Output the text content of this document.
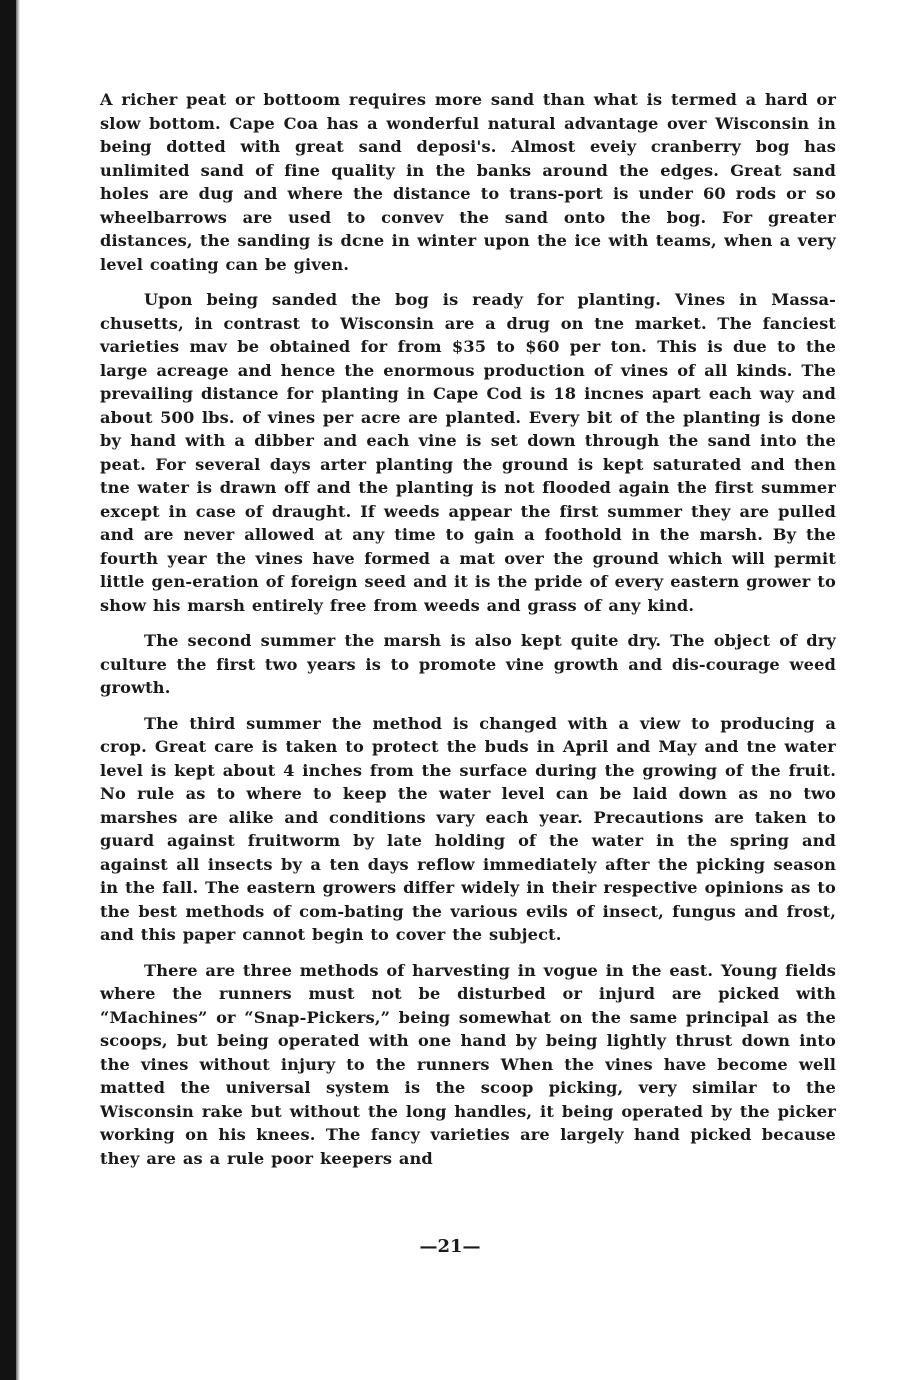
A richer peat or bottoom requires more sand than what is termed a hard or slow bottom. Cape Coa has a wonderful natural advantage over Wisconsin in being dotted with great sand deposi's. Almost eveiy cranberry bog has unlimited sand of fine quality in the banks around the edges. Great sand holes are dug and where the distance to trans-port is under 60 rods or so wheelbarrows are used to convev the sand onto the bog. For greater distances, the sanding is dcne in winter upon the ice with teams, when a very level coating can be given.

Upon being sanded the bog is ready for planting. Vines in Massa-chusetts, in contrast to Wisconsin are a drug on tne market. The fanciest varieties mav be obtained for from $35 to $60 per ton. This is due to the large acreage and hence the enormous production of vines of all kinds. The prevailing distance for planting in Cape Cod is 18 incnes apart each way and about 500 lbs. of vines per acre are planted. Every bit of the planting is done by hand with a dibber and each vine is set down through the sand into the peat. For several days arter planting the ground is kept saturated and then tne water is drawn off and the planting is not flooded again the first summer except in case of draught. If weeds appear the first summer they are pulled and are never allowed at any time to gain a foothold in the marsh. By the fourth year the vines have formed a mat over the ground which will permit little gen-eration of foreign seed and it is the pride of every eastern grower to show his marsh entirely free from weeds and grass of any kind.

The second summer the marsh is also kept quite dry. The object of dry culture the first two years is to promote vine growth and dis-courage weed growth.

The third summer the method is changed with a view to producing a crop. Great care is taken to protect the buds in April and May and tne water level is kept about 4 inches from the surface during the growing of the fruit. No rule as to where to keep the water level can be laid down as no two marshes are alike and conditions vary each year. Precautions are taken to guard against fruitworm by late holding of the water in the spring and against all insects by a ten days reflow immediately after the picking season in the fall. The eastern growers differ widely in their respective opinions as to the best methods of com-bating the various evils of insect, fungus and frost, and this paper cannot begin to cover the subject.

There are three methods of harvesting in vogue in the east. Young fields where the runners must not be disturbed or injurd are picked with “Machines” or “Snap-Pickers,” being somewhat on the same principal as the scoops, but being operated with one hand by being lightly thrust down into the vines without injury to the runners When the vines have become well matted the universal system is the scoop picking, very similar to the Wisconsin rake but without the long handles, it being operated by the picker working on his knees. The fancy varieties are largely hand picked because they are as a rule poor keepers and

—21—
